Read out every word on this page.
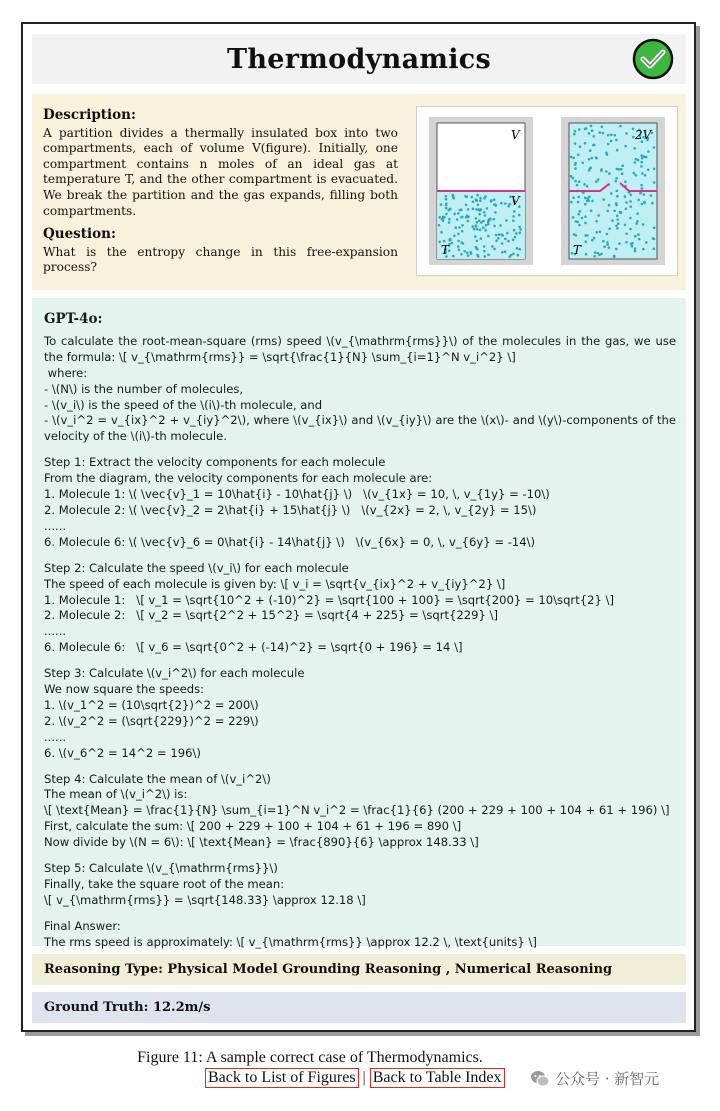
Thermodynamics
Description:

A partition divides a thermally insulated box into two compartments, each of volume V(figure). Initially, one compartment contains n moles of an ideal gas at temperature T, and the other compartment is evacuated. We break the partition and the gas expands, filling both compartments.

Question:

What is the entropy change in this free-expansion process?

V
V
T
2V
T
GPT-4o:
To calculate the root-mean-square (rms) speed \(v_{\mathrm{rms}}\) of the molecules in the gas, we use the formula: \[ v_{\mathrm{rms}} = \sqrt{\frac{1}{N} \sum_{i=1}^N v_i^2} \]
where:
- \(N\) is the number of molecules,
- \(v_i\) is the speed of the \(i\)-th molecule, and
- \(v_i^2 = v_{ix}^2 + v_{iy}^2\), where \(v_{ix}\) and \(v_{iy}\) are the \(x\)- and \(y\)-components of the velocity of the \(i\)-th molecule.
Step 1: Extract the velocity components for each molecule
From the diagram, the velocity components for each molecule are:
1. Molecule 1: \( \vec{v}_1 = 10\hat{i} - 10\hat{j} \)   \(v_{1x} = 10, \, v_{1y} = -10\)
2. Molecule 2: \( \vec{v}_2 = 2\hat{i} + 15\hat{j} \)   \(v_{2x} = 2, \, v_{2y} = 15\)
......
6. Molecule 6: \( \vec{v}_6 = 0\hat{i} - 14\hat{j} \)   \(v_{6x} = 0, \, v_{6y} = -14\)
Step 2: Calculate the speed \(v_i\) for each molecule
The speed of each molecule is given by: \[ v_i = \sqrt{v_{ix}^2 + v_{iy}^2} \]
1. Molecule 1:   \[ v_1 = \sqrt{10^2 + (-10)^2} = \sqrt{100 + 100} = \sqrt{200} = 10\sqrt{2} \]
2. Molecule 2:   \[ v_2 = \sqrt{2^2 + 15^2} = \sqrt{4 + 225} = \sqrt{229} \]
......
6. Molecule 6:   \[ v_6 = \sqrt{0^2 + (-14)^2} = \sqrt{0 + 196} = 14 \]
Step 3: Calculate \(v_i^2\) for each molecule
We now square the speeds:
1. \(v_1^2 = (10\sqrt{2})^2 = 200\)
2. \(v_2^2 = (\sqrt{229})^2 = 229\)
......
6. \(v_6^2 = 14^2 = 196\)
Step 4: Calculate the mean of \(v_i^2\)
The mean of \(v_i^2\) is:
\[ \text{Mean} = \frac{1}{N} \sum_{i=1}^N v_i^2 = \frac{1}{6} (200 + 229 + 100 + 104 + 61 + 196) \]
First, calculate the sum: \[ 200 + 229 + 100 + 104 + 61 + 196 = 890 \]
Now divide by \(N = 6\): \[ \text{Mean} = \frac{890}{6} \approx 148.33 \]
Step 5: Calculate \(v_{\mathrm{rms}}\)
Finally, take the square root of the mean:
\[ v_{\mathrm{rms}} = \sqrt{148.33} \approx 12.18 \]
Final Answer:
The rms speed is approximately: \[ v_{\mathrm{rms}} \approx 12.2 \, \text{units} \]
Reasoning Type: Physical Model Grounding Reasoning , Numerical Reasoning
Ground Truth: 12.2m/s
Figure 11: A sample correct case of Thermodynamics.
Back to List of Figures | Back to Table Index	公众号 · 新智元
